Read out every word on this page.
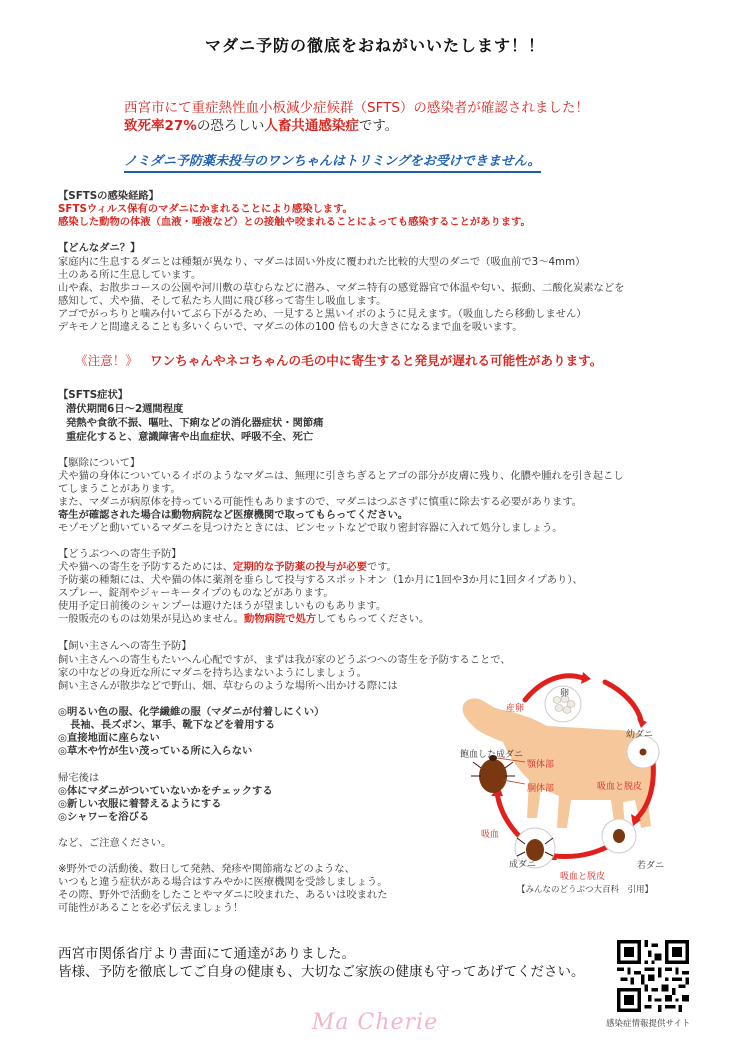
マダニ予防の徹底をおねがいいたします！！
西宮市にて重症熱性血小板減少症候群（SFTS）の感染者が確認されました！
致死率27%の恐ろしい人畜共通感染症です。
ノミダニ予防薬未投与のワンちゃんはトリミングをお受けできません。
【SFTSの感染経路】
SFTSウィルス保有のマダニにかまれることにより感染します。
感染した動物の体液（血液・唾液など）との接触や咬まれることによっても感染することがあります。
【どんなダニ？】
家庭内に生息するダニとは種類が異なり、マダニは固い外皮に覆われた比較的大型のダニで（吸血前で3～4mm）
土のある所に生息しています。
山や森、お散歩コースの公園や河川敷の草むらなどに潜み、マダニ特有の感覚器官で体温や匂い、振動、二酸化炭素などを
感知して、犬や猫、そして私たち人間に飛び移って寄生し吸血します。
アゴでがっちりと噛み付いてぶら下がるため、一見すると黒いイボのように見えます。（吸血したら移動しません）
デキモノと間違えることも多いくらいで、マダニの体の100 倍もの大きさになるまで血を吸います。
《注意！》 ワンちゃんやネコちゃんの毛の中に寄生すると発見が遅れる可能性があります。
【SFTS症状】
潜伏期間6日～2週間程度
発熱や食欲不振、嘔吐、下痢などの消化器症状・関節痛
重症化すると、意識障害や出血症状、呼吸不全、死亡
【駆除について】
犬や猫の身体についているイボのようなマダニは、無理に引きちぎるとアゴの部分が皮膚に残り、化膿や腫れを引き起こし
てしまうことがあります。
また、マダニが病原体を持っている可能性もありますので、マダニはつぶさずに慎重に除去する必要があります。
寄生が確認された場合は動物病院など医療機関で取ってもらってください。
モゾモゾと動いているマダニを見つけたときには、ピンセットなどで取り密封容器に入れて処分しましょう。
【どうぶつへの寄生予防】
犬や猫への寄生を予防するためには、定期的な予防薬の投与が必要です。
予防薬の種類には、犬や猫の体に薬剤を垂らして投与するスポットオン（1か月に1回や3か月に1回タイプあり）、
スプレー、錠剤やジャーキータイプのものなどがあります。
使用予定日前後のシャンプーは避けたほうが望ましいものもあります。
一般販売のものは効果が見込めません。動物病院で処方してもらってください。
【飼い主さんへの寄生予防】
飼い主さんへの寄生もたいへん心配ですが、まずは我が家のどうぶつへの寄生を予防することで、
家の中などの身近な所にマダニを持ち込まないようにしましょう。
飼い主さんが散歩などで野山、畑、草むらのような場所へ出かける際には
◎明るい色の服、化学繊維の服（マダニが付着しにくい）
長袖、長ズボン、軍手、靴下などを着用する
◎直接地面に座らない
◎草木や竹が生い茂っている所に入らない
帰宅後は
◎体にマダニがついていないかをチェックする
◎新しい衣服に着替えるようにする
◎シャワーを浴びる
など、ご注意ください。
※野外での活動後、数日して発熱、発疹や関節痛などのような、
いつもと違う症状がある場合はすみやかに医療機関を受診しましょう。
その際、野外で活動をしたことやマダニに咬まれた、あるいは咬まれた
可能性があることを必ず伝えましょう！
卵
産卵
幼ダニ
飽血した成ダニ
顎体部
胴体部	吸血と脱皮
吸血
成ダニ
吸血と脱皮
若ダニ
【みんなのどうぶつ大百科　引用】
西宮市関係省庁より書面にて通達がありました。
皆様、予防を徹底してご自身の健康も、大切なご家族の健康も守ってあげてください。
感染症情報提供サイト
Ma Cherie
